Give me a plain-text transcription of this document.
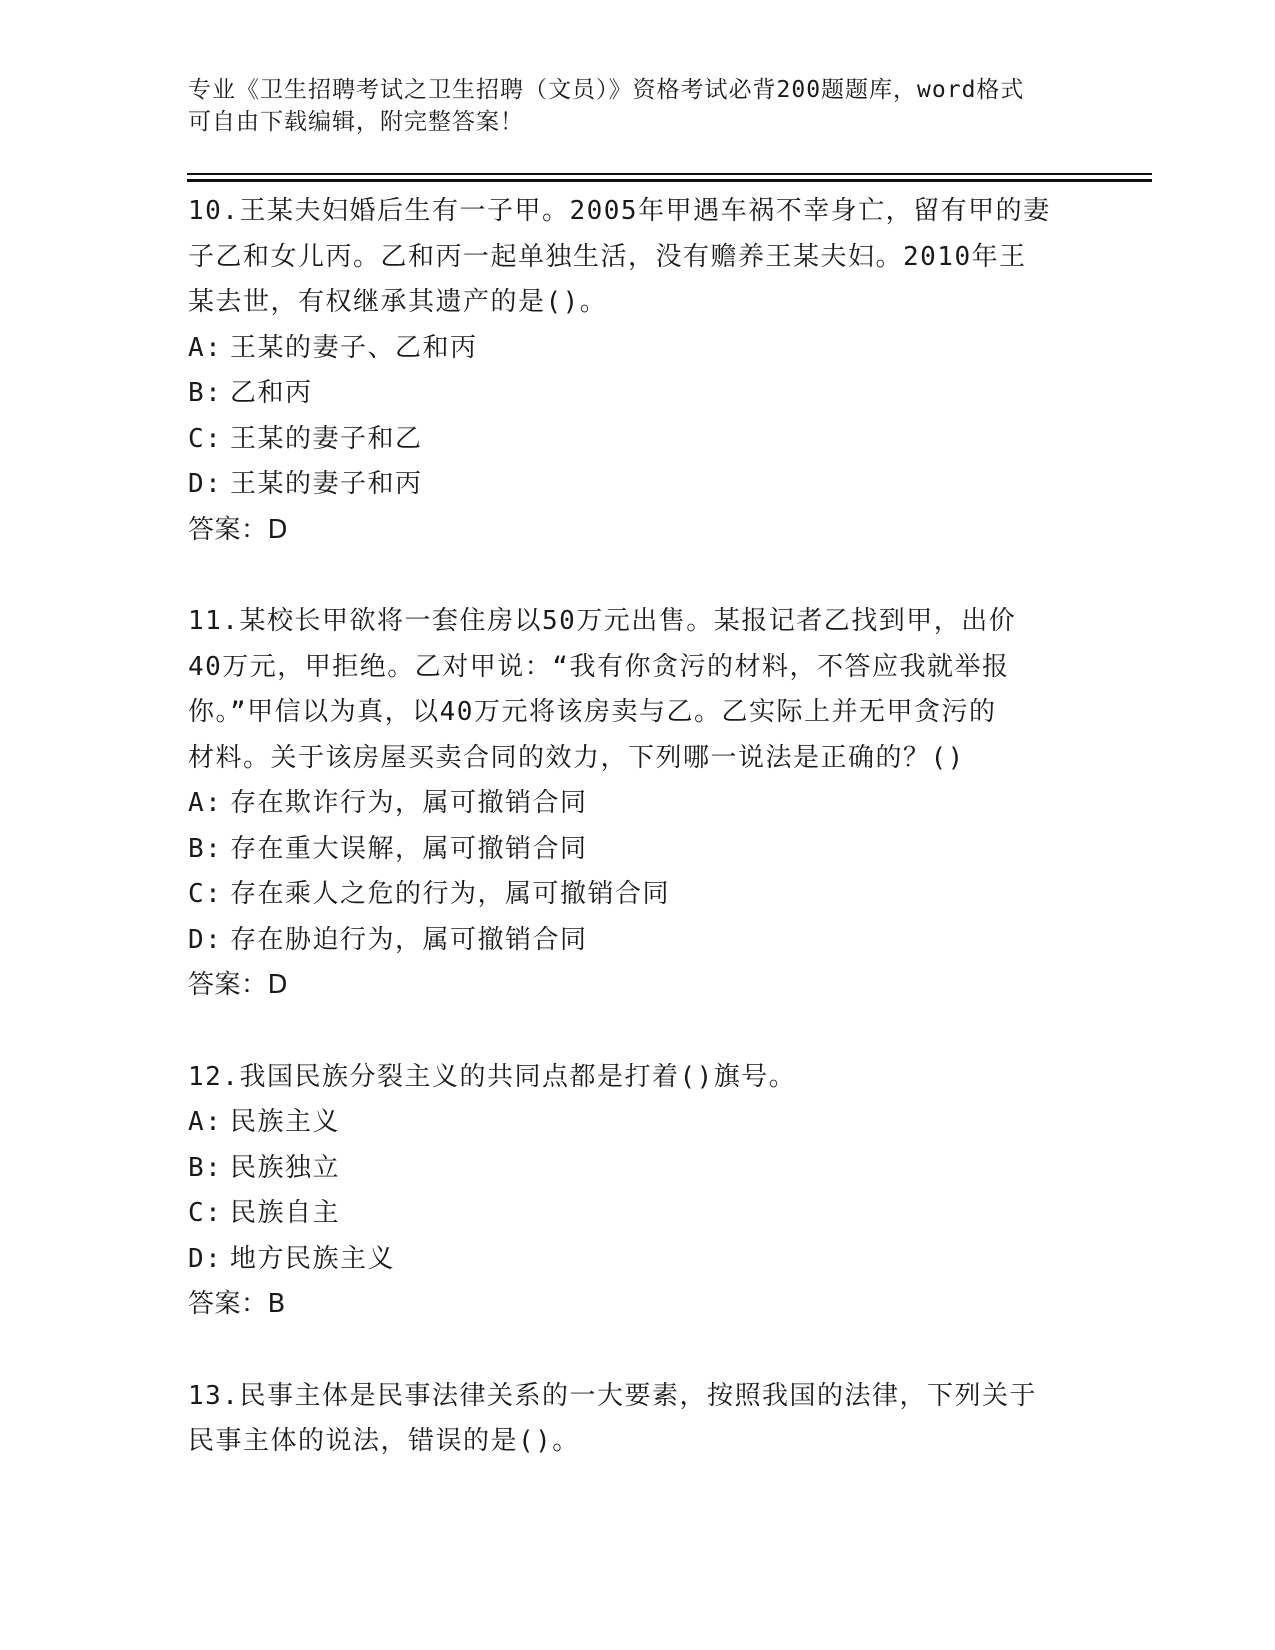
专业《卫生招聘考试之卫生招聘（文员）》资格考试必背200题题库，word格式
可自由下载编辑，附完整答案！

10.王某夫妇婚后生有一子甲。2005年甲遇车祸不幸身亡，留有甲的妻

子乙和女儿丙。乙和丙一起单独生活，没有赡养王某夫妇。2010年王

某去世，有权继承其遗产的是()。

A: 王某的妻子、乙和丙

B: 乙和丙

C: 王某的妻子和乙

D: 王某的妻子和丙

答案：D

11.某校长甲欲将一套住房以50万元出售。某报记者乙找到甲，出价

40万元，甲拒绝。乙对甲说：“我有你贪污的材料，不答应我就举报

你。”甲信以为真，以40万元将该房卖与乙。乙实际上并无甲贪污的

材料。关于该房屋买卖合同的效力，下列哪一说法是正确的？()

A: 存在欺诈行为，属可撤销合同

B: 存在重大误解，属可撤销合同

C: 存在乘人之危的行为，属可撤销合同

D: 存在胁迫行为，属可撤销合同

答案：D

12.我国民族分裂主义的共同点都是打着()旗号。

A: 民族主义

B: 民族独立

C: 民族自主

D: 地方民族主义

答案：B

13.民事主体是民事法律关系的一大要素，按照我国的法律，下列关于

民事主体的说法，错误的是()。
